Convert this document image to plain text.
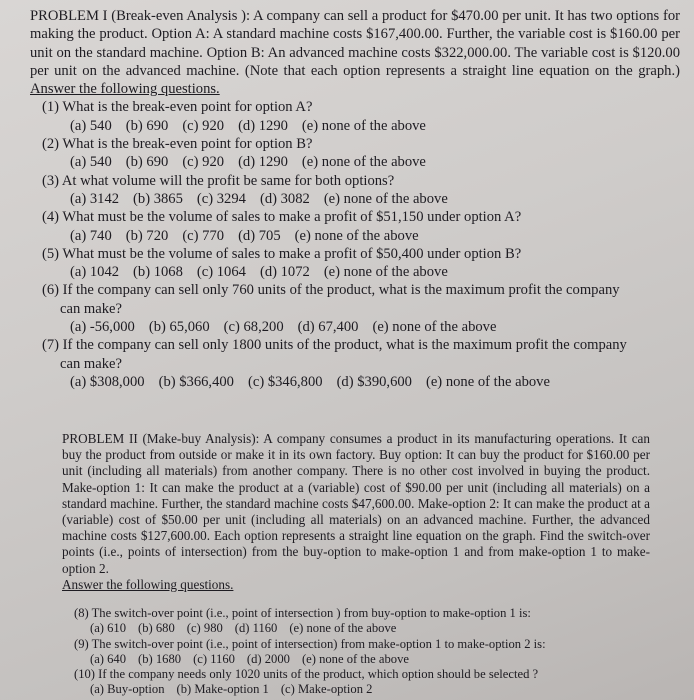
PROBLEM I (Break-even Analysis ): A company can sell a product for $470.00 per unit. It has two options for making the product. Option A: A standard machine costs $167,400.00. Further, the variable cost is $160.00 per unit on the standard machine. Option B: An advanced machine costs $322,000.00. The variable cost is $120.00 per unit on the advanced machine. (Note that each option represents a straight line equation on the graph.) Answer the following questions.

(1) What is the break-even point for option A?
(a) 540 (b) 690 (c) 920 (d) 1290 (e) none of the above
(2) What is the break-even point for option B?
(a) 540 (b) 690 (c) 920 (d) 1290 (e) none of the above
(3) At what volume will the profit be same for both options?
(a) 3142 (b) 3865 (c) 3294 (d) 3082 (e) none of the above
(4) What must be the volume of sales to make a profit of $51,150 under option A?
(a) 740 (b) 720 (c) 770 (d) 705 (e) none of the above
(5) What must be the volume of sales to make a profit of $50,400 under option B?
(a) 1042 (b) 1068 (c) 1064 (d) 1072 (e) none of the above
(6) If the company can sell only 760 units of the product, what is the maximum profit the company
can make?
(a) -56,000 (b) 65,060 (c) 68,200 (d) 67,400 (e) none of the above
(7) If the company can sell only 1800 units of the product, what is the maximum profit the company
can make?
(a) $308,000 (b) $366,400 (c) $346,800 (d) $390,600 (e) none of the above

PROBLEM II (Make-buy Analysis): A company consumes a product in its manufacturing operations. It can buy the product from outside or make it in its own factory. Buy option: It can buy the product for $160.00 per unit (including all materials) from another company. There is no other cost involved in buying the product. Make-option 1: It can make the product at a (variable) cost of $90.00 per unit (including all materials) on a standard machine. Further, the standard machine costs $47,600.00. Make-option 2: It can make the product at a (variable) cost of $50.00 per unit (including all materials) on an advanced machine. Further, the advanced machine costs $127,600.00. Each option represents a straight line equation on the graph. Find the switch-over points (i.e., points of intersection) from the buy-option to make-option 1 and from make-option 1 to make-option 2.

Answer the following questions.
(8) The switch-over point (i.e., point of intersection ) from buy-option to make-option 1 is:
(a) 610 (b) 680 (c) 980 (d) 1160 (e) none of the above
(9) The switch-over point (i.e., point of intersection) from make-option 1 to make-option 2 is:
(a) 640 (b) 1680 (c) 1160 (d) 2000 (e) none of the above
(10) If the company needs only 1020 units of the product, which option should be selected ?
(a) Buy-option (b) Make-option 1 (c) Make-option 2
